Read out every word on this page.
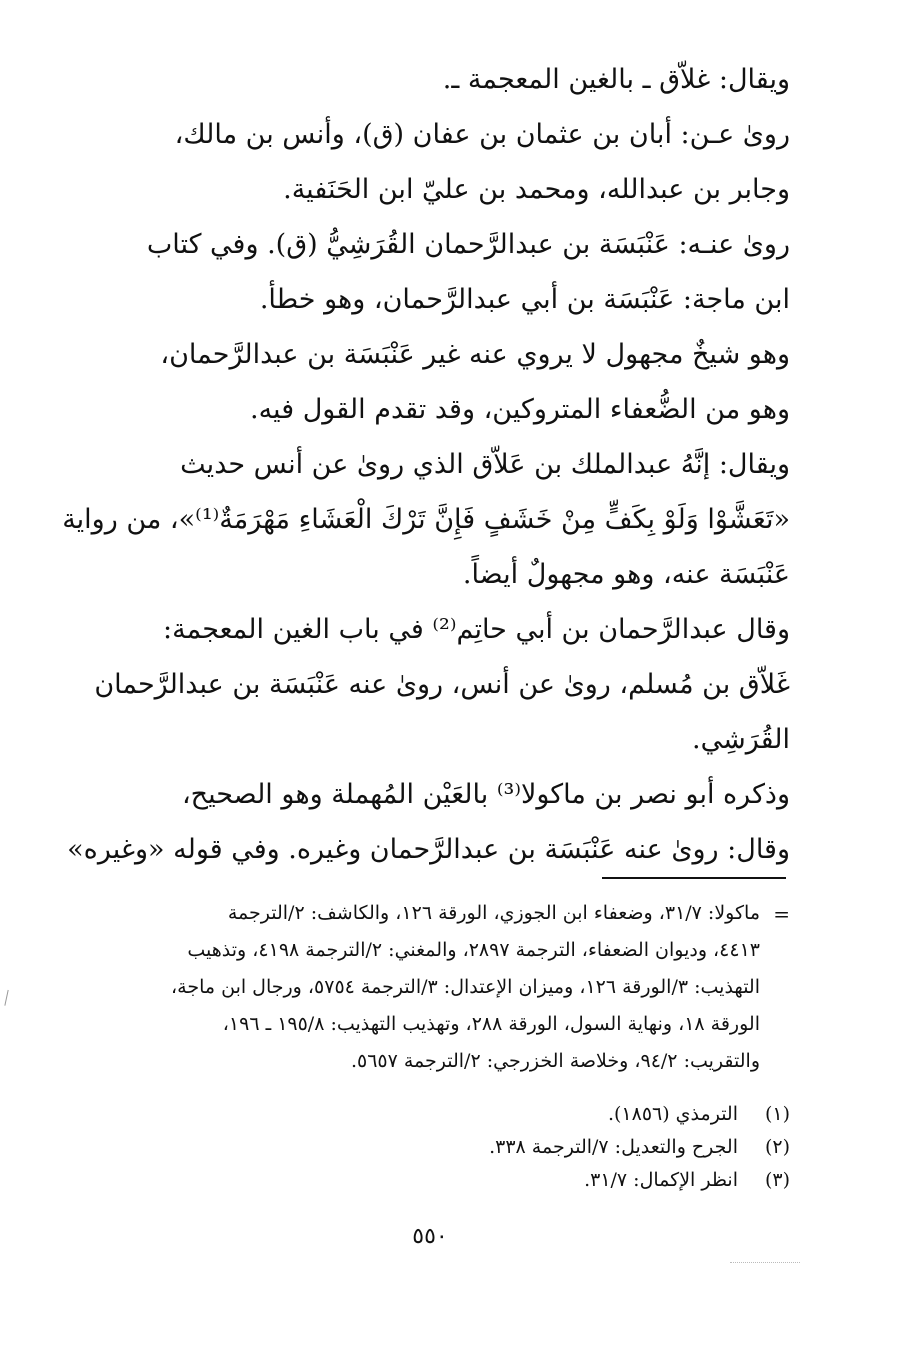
ويقال: غلاّق ـ بالغين المعجمة ـ.
روىٰ عـن: أبان بن عثمان بن عفان (ق)، وأنس بن مالك،
وجابر بن عبدالله، ومحمد بن عليّ ابن الحَنَفية.
روىٰ عنـه: عَنْبَسَة بن عبدالرَّحمان القُرَشِيُّ (ق). وفي كتاب
ابن ماجة: عَنْبَسَة بن أبي عبدالرَّحمان، وهو خطأ.
وهو شيخٌ مجهول لا يروي عنه غير عَنْبَسَة بن عبدالرَّحمان،
وهو من الضُّعفاء المتروكين، وقد تقدم القول فيه.
ويقال: إنَّهُ عبدالملك بن عَلاّق الذي روىٰ عن أنس حديث
«تَعَشَّوْا وَلَوْ بِكَفٍّ مِنْ خَشَفٍ فَإِنَّ تَرْكَ الْعَشَاءِ مَهْرَمَةٌ⁽¹⁾»، من رواية
عَنْبَسَة عنه، وهو مجهولٌ أيضاً.
وقال عبدالرَّحمان بن أبي حاتِم⁽²⁾ في باب الغين المعجمة:
غَلاّق بن مُسلم، روىٰ عن أنس، روىٰ عنه عَنْبَسَة بن عبدالرَّحمان
القُرَشِي.
وذكره أبو نصر بن ماكولا⁽³⁾ بالعَيْن المُهملة وهو الصحيح،
وقال: روىٰ عنه عَنْبَسَة بن عبدالرَّحمان وغيره. وفي قوله «وغيره»
=
ماكولا: ٣١/٧، وضعفاء ابن الجوزي، الورقة ١٢٦، والكاشف: ٢/الترجمة
٤٤١٣، وديوان الضعفاء، الترجمة ٢٨٩٧، والمغني: ٢/الترجمة ٤١٩٨، وتذهيب
التهذيب: ٣/الورقة ١٢٦، وميزان الإعتدال: ٣/الترجمة ٥٧٥٤، ورجال ابن ماجة،
الورقة ١٨، ونهاية السول، الورقة ٢٨٨، وتهذيب التهذيب: ١٩٥/٨ ـ ١٩٦،
والتقريب: ٩٤/٢، وخلاصة الخزرجي: ٢/الترجمة ٥٦٥٧.
(١)
الترمذي (١٨٥٦).
(٢)
الجرح والتعديل: ٧/الترجمة ٣٣٨.
(٣)
انظر الإكمال: ٣١/٧.
٥٥٠
